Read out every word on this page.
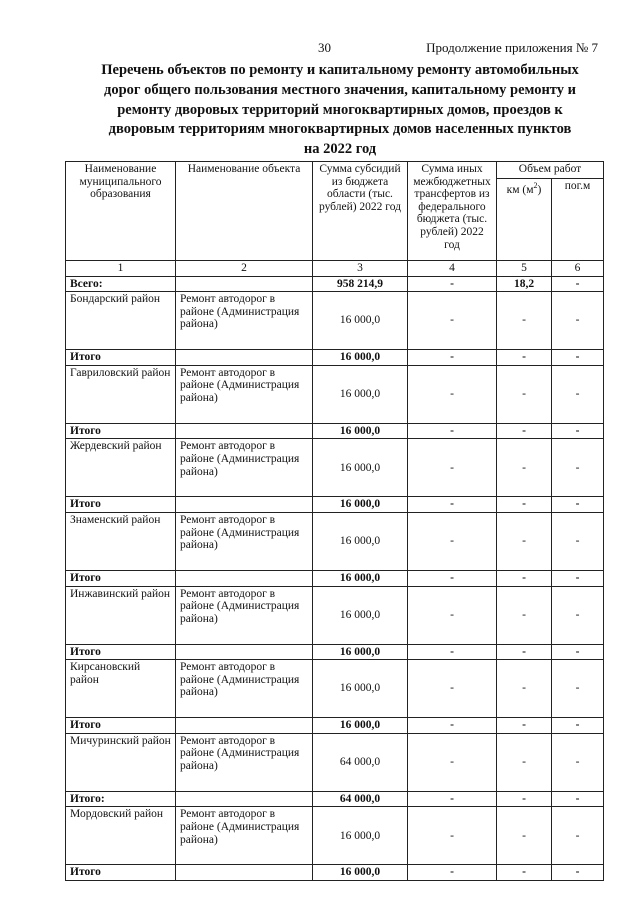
30	Продолжение приложения № 7
Перечень объектов по ремонту и капитальному ремонту автомобильных
дорог общего пользования местного значения, капитальному ремонту и
ремонту дворовых территорий многоквартирных домов, проездов к
дворовым территориям многоквартирных домов населенных пунктов
на 2022 год
Наименование муниципального образования	Наименование объекта	Сумма субсидий из бюджета области (тыс. рублей) 2022 год	Сумма иных межбюджетных трансфертов из федерального бюджета (тыс. рублей) 2022 год	Объем работ	
				км $(м^2)$	пог.м
1	2	3	4	5	6
Всего:		958 214,9	-	18,2	-
Бондарский район	Ремонт автодорог в районе (Администрация района)	16 000,0	-	-	-
Итого		16 000,0	-	-	-
Гавриловский район	Ремонт автодорог в районе (Администрация района)	16 000,0	-	-	-
Итого		16 000,0	-	-	-
Жердевский район	Ремонт автодорог в районе (Администрация района)	16 000,0	-	-	-
Итого		16 000,0	-	-	-
Знаменский район	Ремонт автодорог в районе (Администрация района)	16 000,0	-	-	-
Итого		16 000,0	-	-	-
Инжавинский район	Ремонт автодорог в районе (Администрация района)	16 000,0	-	-	-
Итого		16 000,0	-	-	-
Кирсановский район	Ремонт автодорог в районе (Администрация района)	16 000,0	-	-	-
Итого		16 000,0	-	-	-
Мичуринский район	Ремонт автодорог в районе (Администрация района)	64 000,0	-	-	-
Итого:		64 000,0	-	-	-
Мордовский район	Ремонт автодорог в районе (Администрация района)	16 000,0	-	-	-
Итого		16 000,0	-	-	-
